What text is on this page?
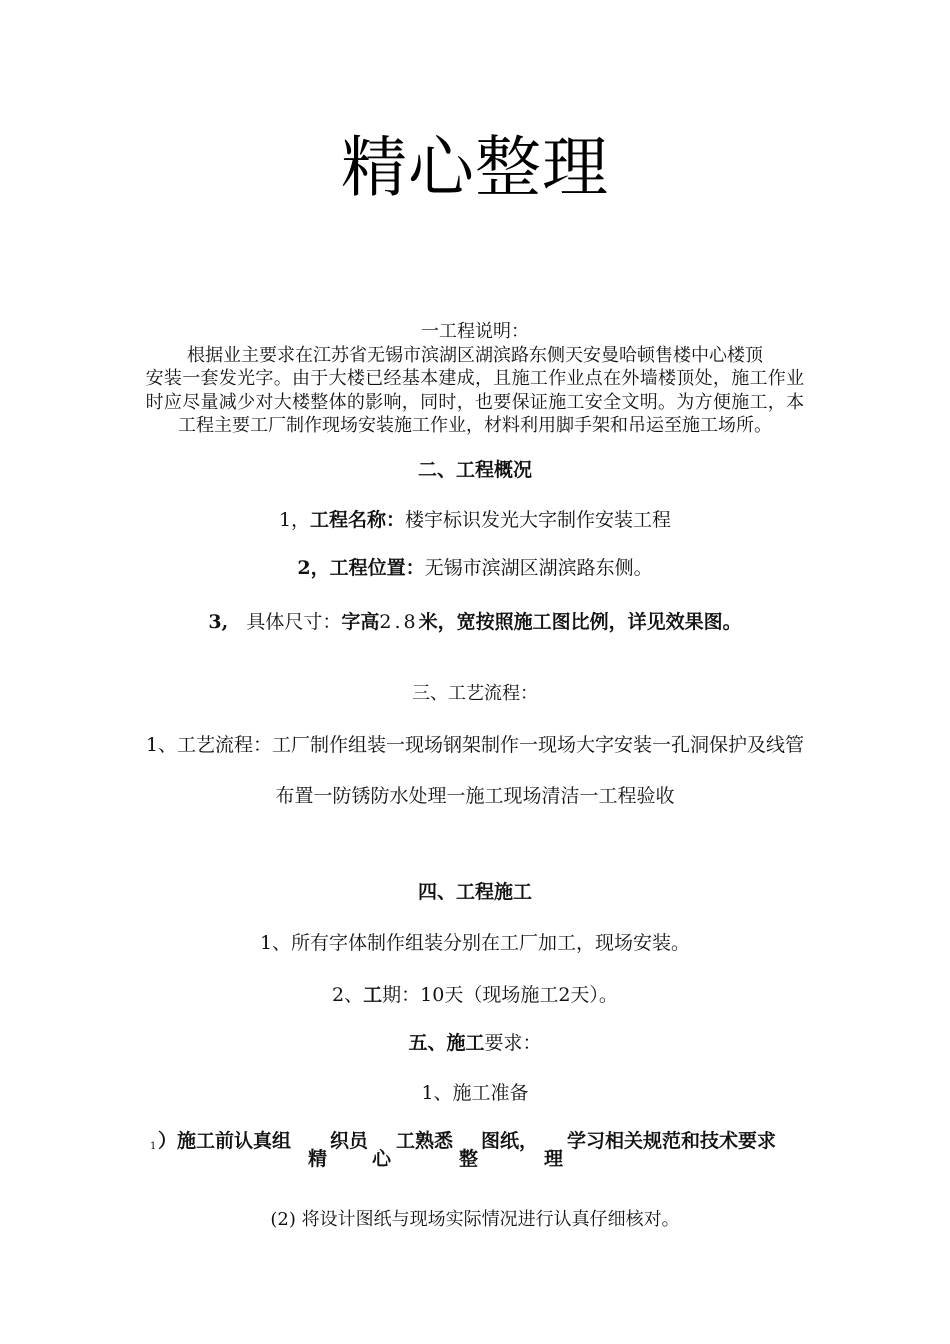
精心整理
一工程说明：
根据业主要求在江苏省无锡市滨湖区湖滨路东侧天安曼哈顿售楼中心楼顶
安装一套发光字。由于大楼已经基本建成，且施工作业点在外墙楼顶处，施工作业
时应尽量减少对大楼整体的影响，同时，也要保证施工安全文明。为方便施工，本
工程主要工厂制作现场安装施工作业，材料利用脚手架和吊运至施工场所。
二、工程概况
1，工程名称：楼宇标识发光大字制作安装工程
2，工程位置：无锡市滨湖区湖滨路东侧。
3, 具体尺寸：字高2.8米，宽按照施工图比例，详见效果图。
三、工艺流程：
1、工艺流程：工厂制作组装一现场钢架制作一现场大字安装一孔洞保护及线管
布置一防锈防水处理一施工现场清洁一工程验收
四、工程施工
1、所有字体制作组装分别在工厂加工，现场安装。
2、工期：10天（现场施工2天）。
五、施工要求：
1、施工准备
1 ）施工前认真组
精
织员
心
工熟悉
整
图纸，
理
学习相关规范和技术要求
(2) 将设计图纸与现场实际情况进行认真仔细核对。
